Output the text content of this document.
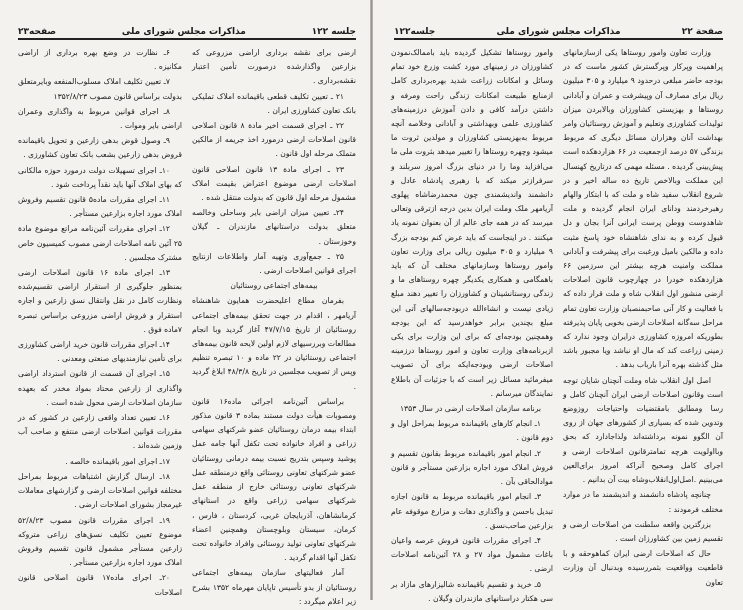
جلسه ۱۲۲
مذاکرات مجلس شورای ملی
صفحه۲۳

۶ـ نظارت در وضع بهره برداری از اراضی مکانیزه .

۷ـ تعیین تکلیف املاک مسلوب‌المنفعه وبایرمتعلق بدولت براساس قانون مصوب ۱۳۵۲/۸/۲۳

۸ـ اجرای قوانین مربوط به واگذاری وعمران اراضی بایر وموات .

۹ـ وصول قوض بدهی زارعین و تحویل باقیمانده قروض بدهی زارعین بشعب بانک تعاون کشاورزی .

۱۰ـ اجرای تسهیلات دولت درمورد حوزه مالکانی که بهای املاک آنها باید نقداً پرداخت شود .

۱۱ـ اجرای مقررات ماده۵ قانون تقسیم وفروش املاک مورد اجاره بزارعین مستأجر .

۱۲ـ اجرای مقررات آئین‌نامه مراتع موضوع مادة ۲۵ آئین نامه اصلاحات ارضی مصوب کمیسیون خاص مشترک مجلسین .

۱۳ـ اجرای مادة ۱۶ قانون اصلاحات ارضی بمنظور جلوگیری از استقرار اراضی تقسیم‌شده ونظارت کامل در نقل وانتقال نسق زارعین و اجاره استقرار و فروش اراضی مزروعی براساس تبصره ۷ماده فوق .

۱۴ـ اجرای مقررات قانون خرید اراضی کشاورزی برای تأمین نیازمندیهای صنعتی ومعدنی .

۱۵ـ اجرای آن قسمت از قانون استرداد اراضی واگذاری از زارعین محتاد بمواد مخدر که بعهده سازمان اصلاحات ارضی محول شده است .

۱۶ـ تعیین تعداد واقعی زارعین در کشور که در مقررات قوانین اصلاحات ارضی منتفع و صاحب آب وزمین شده‌اند .

۱۷ـ اجرای امور باقیمانده خالصه .

۱۸ـ ارسال گزارش اشتباهات مربوط بمراحل مختلفه قوانین اصلاحات ارضی و گزارشهای معاملات غیرمجاز بشورای اصلاحات ارضی .

۱۹ـ اجرای مقررات قانون مصوب ۵۲/۸/۲۳ موضوع تعیین تکلیف نسق‌های زراعی متروکه زارعین مستأجر مشمول قانون تقسیم وفروش املاک مورد اجاره بزارعین مستأجر .

۲۰ـ اجرای ماده۱۷ قانون اصلاحی قانون اصلاحات

ارضی برای نقشه برداری اراضی مزروعی که بزارعین واگذارشده درصورت تأمین اعتبار نقشه‌برداری .

۲۱ ـ تعیین تکلیف قطعی باقیمانده املاک تمليکی بانک تعاون کشاورزی ایران .

۲۲ ـ اجرای قسمت اخیر مادة ۸ قانون اصلاحی قانون اصلاحات ارضی درمورد اخذ جریمه از مالکین متملک مرحله اول قانون .

۲۳ ـ اجرای مادة ۱۳ قانون اصلاحی قانون اصلاحات ارضی موضوع اعتراض بقیمت املاک مشمول مرحله اول قانون که بدولت منتقل شده .

۲۴ـ تعیین میزان اراضی بایر وساحلی وخالصه متعلق بدولت دراستانهای مازندران ـ گیلان وخوزستان .

۲۵ ـ جمع‌آوری وتهیه آمار واطلاعات ازنتایج اجرای قوانین اصلاحات ارضی .

بیمه‌های اجتماعی روستائیان

بفرمان مطاع اعلیحضرت همایون شاهنشاه آریامهر ، اقدام در جهت تحقق بیمه‌های اجتماعی روستائیان از تاریخ ۴۷/۷/۱۵ آغاز گردید وبا انجام مطالعات وبررسیهای لازم اولین لایحه قانون بیمه‌های اجتماعی روستائیان در ۲۲ ماده و ۱۰ تبصره تنظیم وپس از تصویب مجلسین در تاریخ ۴۸/۳/۸ ابلاغ گردید .

براساس آئین‌نامه اجرائی ماده۱۶ قانون ومصوبات هیأت دولت مستند بماده ۳ قانون مذکور ابتداء بیمه درمان روستائیان عضو شرکتهای سهامی زراعی و افراد خانواده تحت تکفل آنها جامه عمل پوشید وسپس بتدریج نسبت بیمه درمانی روستائیان عضو شرکتهای تعاونی روستائی واقع درمنطقه عمل شرکتهای تعاونی روستائی خارج از منطقه عمل شرکتهای سهامی زراعی واقع در استانهای کرمانشاهان، آذربایجان غربی، کردستان ، فارس ، کرمان، سیستان وبلوچستان وهمچنین اعضاء شرکتهای تعاونی تولید روستائی وافراد خانواده تحت تکفل آنها اقدام گردید .

آمار فعالیتهای سازمان بیمه‌های اجتماعی روستائیان از بدو تأسیس تاپایان مهرماه ۱۳۵۲ بشرح زیر اعلام میگردد :

صفحة ۲۲
مذاکرات مجلس شورای ملی
جلسه۱۲۲

وزارت تعاون وامور روستاها یکی ازسازمانهای پراهمیت وپرکار وپرگسترش کشور ماست که در بودجه حاضر مبلغی درحدود ۹ میلیارد و ۳۰۵ میلیون ریال برای مصارف آن وپیشرفت و عمران و آبادانی روستاها و بهزیستی کشاورزان وبالابردن میزان تولیدات کشاورزی وتعلیم و آموزش روستائیان وامر بهداشت آنان وهزاران مسائل دیگری که مربوط بزندگی ۵۷ درصد ازجمعیت در ۶۶ هزاردهکده است پیش‌بینی گردیده . مسئله مهمی که درتاریخ کهنسال این مملکت وبالاخص تاریخ ده ساله اخیر و در شروع انقلاب سفید شاه و ملت که با ابتکار والهام رهبرخردمند ودانای ایران انجام گردیده و ملت شاهدوست ووطن پرست ایرانی آنرا بجان و دل قبول کرده و به ندای شاهنشاه خود پاسخ مثبت داده و مالکین باميل ورغبت برای پیشرفت و آبادانی مملکت وامنیت هرچه بیشتر این سرزمین ۶۶ هزاردهکده خودرا در چهارچوب قانون اصلاحات ارضی منشور اول انقلاب شاه و ملت قرار داده که با فعالیت و کار آنی صاحبمنصبان وزارت تعاون تمام مراحل سه‌گانه اصلاحات ارضی بخوبی پایان پذیرفته بطوریکه امروزه کشاورزی درایران وجود ندارد که زمینی زراعت کند که مال او نباشد ویا مجبور باشد مثل گذشته بهره آنرا بارباب بدهد .

اصل اول انقلاب شاه وملت آنچنان شایان توجه است وقانون اصلاحات ارضی ایران آنچنان کامل و رسا ومطابق بامقتضیات واحتیاجات روزوضع وتدوین شده که بسیاری از کشورهای جهان از روی آن الگوو نمونه برداشته‌اند ولذاجادارد که بحق وبااولویت هرچه تمامترقانون اصلاحات ارضی و اجرای کامل وصحیح آنراکه امروز برای‌العین می‌بینیم .اصل‌اول‌انقلاب‌وشاه بیت آن بدانیم .

چنانچه پادشاه دانشمند و اندیشمند ما در موارد مختلف فرمودند :

بزرگترین واقعه سلطنت من اصلاحات ارضی و تقسیم زمین بین کشاورزان است .

حال که اصلاحات ارضی ایران کماهوحقه و با قاطعیت وواقعیت بثمررسیده وبدنبال آن وزارت تعاون

وامور روستاها تشکیل گردیده باید باممالک‌نمودن کشاورزان در زمینهای مورد کشت وزرع خود تمام وسائل و امکانات زراعت شدید بهره‌برداری کامل ازمنابع طبیعت امکانات زندگی راحت ومرفه و داشتن درآمد کافی و دادن آموزش درزمینه‌های کشاورزی علمی وبهداشتی و آبادانی وخلاصه آنچه مربوط به‌بهزیستی کشاورزان و مولدین ثروت ما میشود وچهره روستاها را تغییر میدهد بثروت ملی ما می‌افزاید وما را در دنیای بزرگ امروز سربلند و سرفرازتر میکند که با رهبری پادشاه عادل و دانشمند واندیشمندی چون محمدرضاشاه پهلوی آریامهر ملک وملت ایران بدین درجه ازترقی وتعالی میرسد که در همه جای عالم از آن بعنوان نمونه یاد میکنند . در اینجاست که باید عرض کنم بودجه بزرگ ۹ میلیارد و ۳۰۵ میلیون ریالی برای وزارت تعاون وامور روستاها وسازمانهای مختلف آن که باید باهمگامی و همکاری یکدیگر چهره روستاهای ما و زندگی روستانشینان و کشاورزان را تغییر دهند مبلغ زیادی نیست و انشاءالله دربودجه‌سالهای آتی این مبلغ بچندین برابر خواهدرسید که این بودجه وهمچنین بودجه‌ای که برای این وزارت برای یکی ازبرنامه‌های وزارت تعاون و امور روستاها درزمینه اصلاحات ارضی وبودجه‌ایکه برای آن تصویب میفرمائید مسائل زیر است که با جزئیات آن باطلاع نمایندگان میرسانم .

برنامه سازمان اصلاحات ارضی در سال ۱۳۵۳

۱ـ انجام کارهای باقیمانده مربوط بمراحل اول و دوم قانون .

۲ـ انجام امور باقیمانده مربوط بقانون تقسیم و فروش املاک مورد اجاره بزارعین مستأجر و قانون موادالحاقی بآن .

۳ـ انجام امور باقیمانده مربوط به قانون اجازه تبدیل باحسن و واگذاری دهات و مزارع موقوفه عام بزارعین صاحب‌نسق .

۴ـ اجرای مقررات قانون فروش عرصه واعیان باغات مشمول مواد ۲۷ و ۲۸ آئین‌نامه اصلاحات ارضی .

۵ـ خرید و تقسیم باقیمانده شالیزارهای مازاد بر سی هکتار دراستانهای مازندران وگیلان .
